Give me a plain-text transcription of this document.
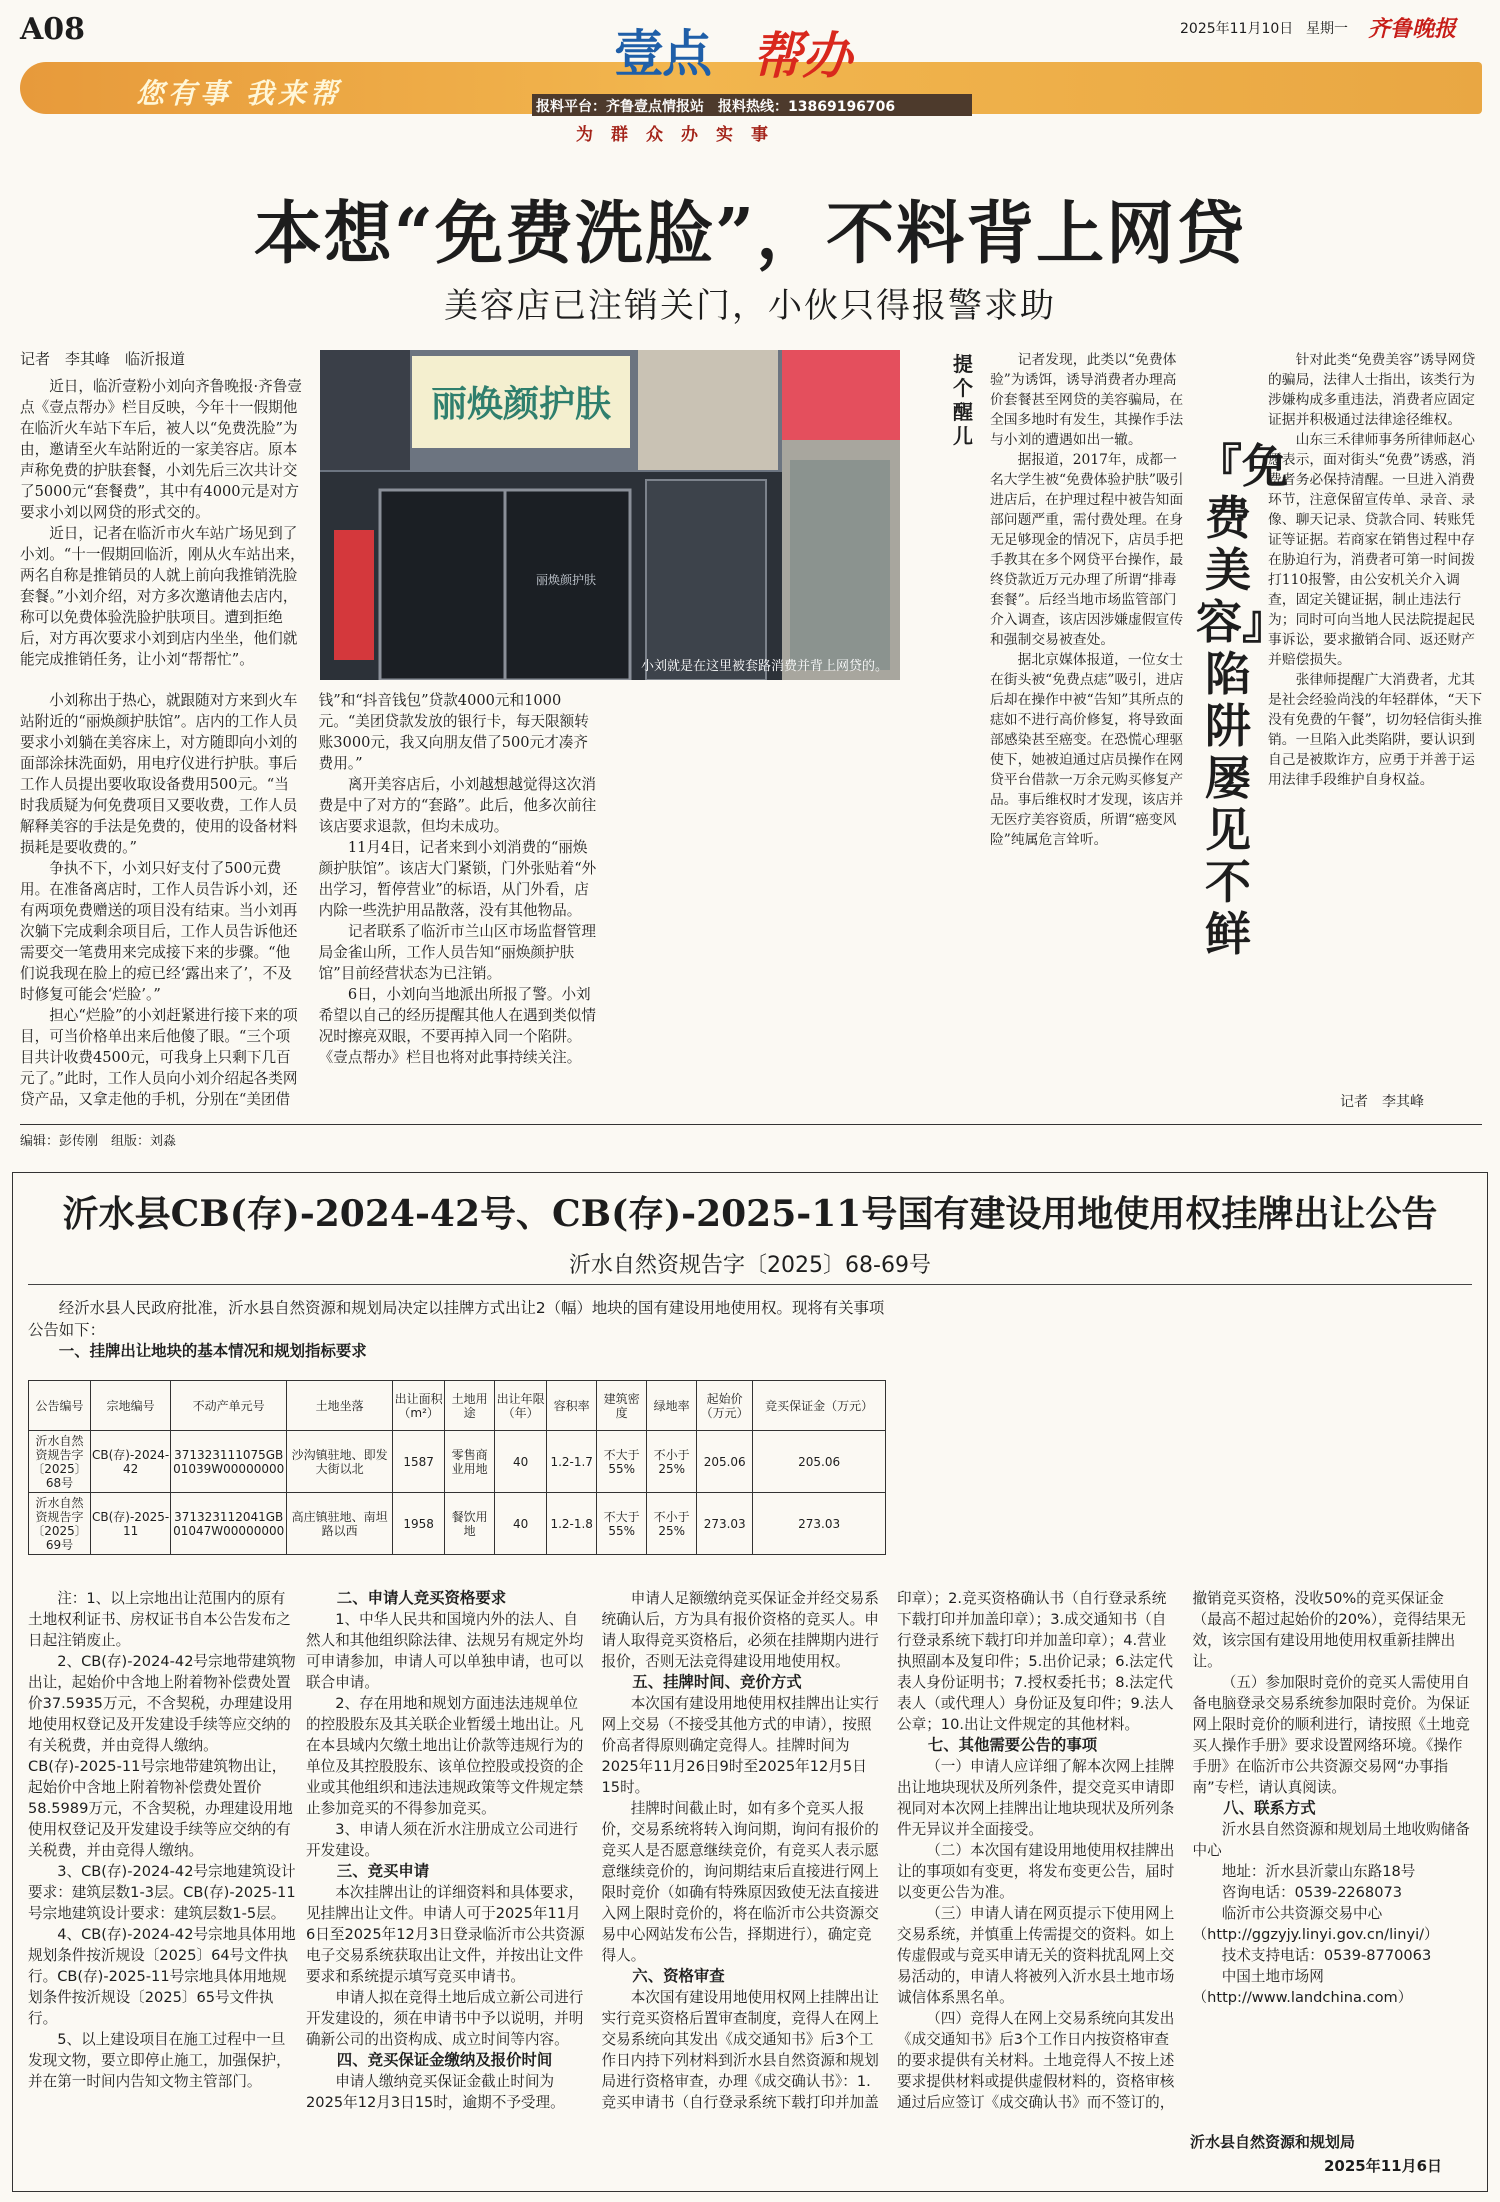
A08
您有事 我来帮
壹点 帮办
报料平台：齐鲁壹点情报站　报料热线：13869196706
为群众办实事
2025年11月10日 星期一 齐鲁晚报
本想“免费洗脸”，不料背上网贷
美容店已注销关门，小伙只得报警求助
记者　李其峰　临沂报道
丽焕颜护肤
丽焕颜护肤
小刘就是在这里被套路消费并背上网贷的。

近日，临沂壹粉小刘向齐鲁晚报·齐鲁壹点《壹点帮办》栏目反映，今年十一假期他在临沂火车站下车后，被人以“免费洗脸”为由，邀请至火车站附近的一家美容店。原本声称免费的护肤套餐，小刘先后三次共计交了5000元“套餐费”，其中有4000元是对方要求小刘以网贷的形式交的。

近日，记者在临沂市火车站广场见到了小刘。“十一假期回临沂，刚从火车站出来，两名自称是推销员的人就上前向我推销洗脸套餐。”小刘介绍，对方多次邀请他去店内，称可以免费体验洗脸护肤项目。遭到拒绝后，对方再次要求小刘到店内坐坐，他们就能完成推销任务，让小刘“帮帮忙”。

小刘称出于热心，就跟随对方来到火车站附近的“丽焕颜护肤馆”。店内的工作人员要求小刘躺在美容床上，对方随即向小刘的面部涂抹洗面奶，用电疗仪进行护肤。事后工作人员提出要收取设备费用500元。“当时我质疑为何免费项目又要收费，工作人员解释美容的手法是免费的，使用的设备材料损耗是要收费的。”

争执不下，小刘只好支付了500元费用。在准备离店时，工作人员告诉小刘，还有两项免费赠送的项目没有结束。当小刘再次躺下完成剩余项目后，工作人员告诉他还需要交一笔费用来完成接下来的步骤。“他们说我现在脸上的痘已经‘露出来了’，不及时修复可能会‘烂脸’。”

担心“烂脸”的小刘赶紧进行接下来的项目，可当价格单出来后他傻了眼。“三个项目共计收费4500元，可我身上只剩下几百元了。”此时，工作人员向小刘介绍起各类网贷产品，又拿走他的手机，分别在“美团借钱”和“抖音钱包”贷款4000元和1000元。“美团贷款发放的银行卡，每天限额转账3000元，我又向朋友借了500元才凑齐费用。”

离开美容店后，小刘越想越觉得这次消费是中了对方的“套路”。此后，他多次前往该店要求退款，但均未成功。

11月4日，记者来到小刘消费的“丽焕颜护肤馆”。该店大门紧锁，门外张贴着“外出学习，暂停营业”的标语，从门外看，店内除一些洗护用品散落，没有其他物品。

记者联系了临沂市兰山区市场监督管理局金雀山所，工作人员告知“丽焕颜护肤馆”目前经营状态为已注销。

6日，小刘向当地派出所报了警。小刘希望以自己的经历提醒其他人在遇到类似情况时擦亮双眼，不要再掉入同一个陷阱。《壹点帮办》栏目也将对此事持续关注。

提个醒儿

记者发现，此类以“免费体验”为诱饵，诱导消费者办理高价套餐甚至网贷的美容骗局，在全国多地时有发生，其操作手法与小刘的遭遇如出一辙。

据报道，2017年，成都一名大学生被“免费体验护肤”吸引进店后，在护理过程中被告知面部问题严重，需付费处理。在身无足够现金的情况下，店员手把手教其在多个网贷平台操作，最终贷款近万元办理了所谓“排毒套餐”。后经当地市场监管部门介入调查，该店因涉嫌虚假宣传和强制交易被查处。

据北京媒体报道，一位女士在街头被“免费点痣”吸引，进店后却在操作中被“告知”其所点的痣如不进行高价修复，将导致面部感染甚至癌变。在恐慌心理驱使下，她被迫通过店员操作在网贷平台借款一万余元购买修复产品。事后维权时才发现，该店并无医疗美容资质，所谓“癌变风险”纯属危言耸听。

『免费美容』陷阱屡见不鲜

针对此类“免费美容”诱导网贷的骗局，法律人士指出，该类行为涉嫌构成多重违法，消费者应固定证据并积极通过法律途径维权。

山东三禾律师事务所律师赵心愿表示，面对街头“免费”诱惑，消费者务必保持清醒。一旦进入消费环节，注意保留宣传单、录音、录像、聊天记录、贷款合同、转账凭证等证据。若商家在销售过程中存在胁迫行为，消费者可第一时间拨打110报警，由公安机关介入调查，固定关键证据，制止违法行为；同时可向当地人民法院提起民事诉讼，要求撤销合同、返还财产并赔偿损失。

张律师提醒广大消费者，尤其是社会经验尚浅的年轻群体，“天下没有免费的午餐”，切勿轻信街头推销。一旦陷入此类陷阱，要认识到自己是被欺诈方，应勇于并善于运用法律手段维护自身权益。

记者　李其峰
编辑：彭传刚　组版：刘淼
沂水县CB(存)-2024-42号、CB(存)-2025-11号国有建设用地使用权挂牌出让公告
沂水自然资规告字〔2025〕68-69号

经沂水县人民政府批准，沂水县自然资源和规划局决定以挂牌方式出让2（幅）地块的国有建设用地使用权。现将有关事项公告如下：

一、挂牌出让地块的基本情况和规划指标要求
公告编号	宗地编号	不动产单元号	土地坐落	出让面积（m²）	土地用途	出让年限（年）	容积率	建筑密度	绿地率	起始价（万元）	竞买保证金（万元）
沂水自然资规告字〔2025〕68号	CB(存)-2024-42	371323111075GB01039W00000000	沙沟镇驻地、即发大街以北	1587	零售商业用地	40	1.2-1.7	不大于55%	不小于25%	205.06	205.06
沂水自然资规告字〔2025〕69号	CB(存)-2025-11	371323112041GB01047W00000000	高庄镇驻地、南坦路以西	1958	餐饮用地	40	1.2-1.8	不大于55%	不小于25%	273.03	273.03

注：1、以上宗地出让范围内的原有土地权利证书、房权证书自本公告发布之日起注销废止。

2、CB(存)-2024-42号宗地带建筑物出让，起始价中含地上附着物补偿费处置价37.5935万元，不含契税，办理建设用地使用权登记及开发建设手续等应交纳的有关税费，并由竞得人缴纳。CB(存)-2025-11号宗地带建筑物出让，起始价中含地上附着物补偿费处置价58.5989万元，不含契税，办理建设用地使用权登记及开发建设手续等应交纳的有关税费，并由竞得人缴纳。

3、CB(存)-2024-42号宗地建筑设计要求：建筑层数1-3层。CB(存)-2025-11号宗地建筑设计要求：建筑层数1-5层。

4、CB(存)-2024-42号宗地具体用地规划条件按沂规设〔2025〕64号文件执行。CB(存)-2025-11号宗地具体用地规划条件按沂规设〔2025〕65号文件执行。

5、以上建设项目在施工过程中一旦发现文物，要立即停止施工，加强保护，并在第一时间内告知文物主管部门。

二、申请人竞买资格要求

1、中华人民共和国境内外的法人、自然人和其他组织除法律、法规另有规定外均可申请参加，申请人可以单独申请，也可以联合申请。

2、存在用地和规划方面违法违规单位的控股股东及其关联企业暂缓土地出让。凡在本县域内欠缴土地出让价款等违规行为的单位及其控股股东、该单位控股或投资的企业或其他组织和违法违规政策等文件规定禁止参加竞买的不得参加竞买。

3、申请人须在沂水注册成立公司进行开发建设。

三、竞买申请

本次挂牌出让的详细资料和具体要求，见挂牌出让文件。申请人可于2025年11月6日至2025年12月3日登录临沂市公共资源电子交易系统获取出让文件，并按出让文件要求和系统提示填写竞买申请书。

申请人拟在竞得土地后成立新公司进行开发建设的，须在申请书中予以说明，并明确新公司的出资构成、成立时间等内容。

四、竞买保证金缴纳及报价时间

申请人缴纳竞买保证金截止时间为2025年12月3日15时，逾期不予受理。

申请人足额缴纳竞买保证金并经交易系统确认后，方为具有报价资格的竞买人。申请人取得竞买资格后，必须在挂牌期内进行报价，否则无法竞得建设用地使用权。

五、挂牌时间、竞价方式

本次国有建设用地使用权挂牌出让实行网上交易（不接受其他方式的申请），按照价高者得原则确定竞得人。挂牌时间为2025年11月26日9时至2025年12月5日15时。

挂牌时间截止时，如有多个竞买人报价，交易系统将转入询问期，询问有报价的竞买人是否愿意继续竞价，有竞买人表示愿意继续竞价的，询问期结束后直接进行网上限时竞价（如确有特殊原因致使无法直接进入网上限时竞价的，将在临沂市公共资源交易中心网站发布公告，择期进行），确定竞得人。

六、资格审查

本次国有建设用地使用权网上挂牌出让实行竞买资格后置审查制度，竞得人在网上交易系统向其发出《成交通知书》后3个工作日内持下列材料到沂水县自然资源和规划局进行资格审查，办理《成交确认书》：1.竞买申请书（自行登录系统下载打印并加盖印章）；2.竞买资格确认书（自行登录系统下载打印并加盖印章）；3.成交通知书（自行登录系统下载打印并加盖印章）；4.营业执照副本及复印件；5.出价记录；6.法定代表人身份证明书；7.授权委托书；8.法定代表人（或代理人）身份证及复印件；9.法人公章；10.出让文件规定的其他材料。

七、其他需要公告的事项

（一）申请人应详细了解本次网上挂牌出让地块现状及所列条件，提交竞买申请即视同对本次网上挂牌出让地块现状及所列条件无异议并全面接受。

（二）本次国有建设用地使用权挂牌出让的事项如有变更，将发布变更公告，届时以变更公告为准。

（三）申请人请在网页提示下使用网上交易系统，并慎重上传需提交的资料。如上传虚假或与竞买申请无关的资料扰乱网上交易活动的，申请人将被列入沂水县土地市场诚信体系黑名单。

（四）竞得人在网上交易系统向其发出《成交通知书》后3个工作日内按资格审查的要求提供有关材料。土地竞得人不按上述要求提供材料或提供虚假材料的，资格审核通过后应签订《成交确认书》而不签订的，撤销竞买资格，没收50%的竞买保证金（最高不超过起始价的20%），竞得结果无效，该宗国有建设用地使用权重新挂牌出让。

（五）参加限时竞价的竞买人需使用自备电脑登录交易系统参加限时竞价。为保证网上限时竞价的顺利进行，请按照《土地竞买人操作手册》要求设置网络环境。《操作手册》在临沂市公共资源交易网“办事指南”专栏，请认真阅读。

八、联系方式

沂水县自然资源和规划局土地收购储备中心

地址：沂水县沂蒙山东路18号

咨询电话：0539-2268073

临沂市公共资源交易中心（http://ggzyjy.linyi.gov.cn/linyi/）

技术支持电话：0539-8770063

中国土地市场网（http://www.landchina.com）

沂水县自然资源和规划局
2025年11月6日
